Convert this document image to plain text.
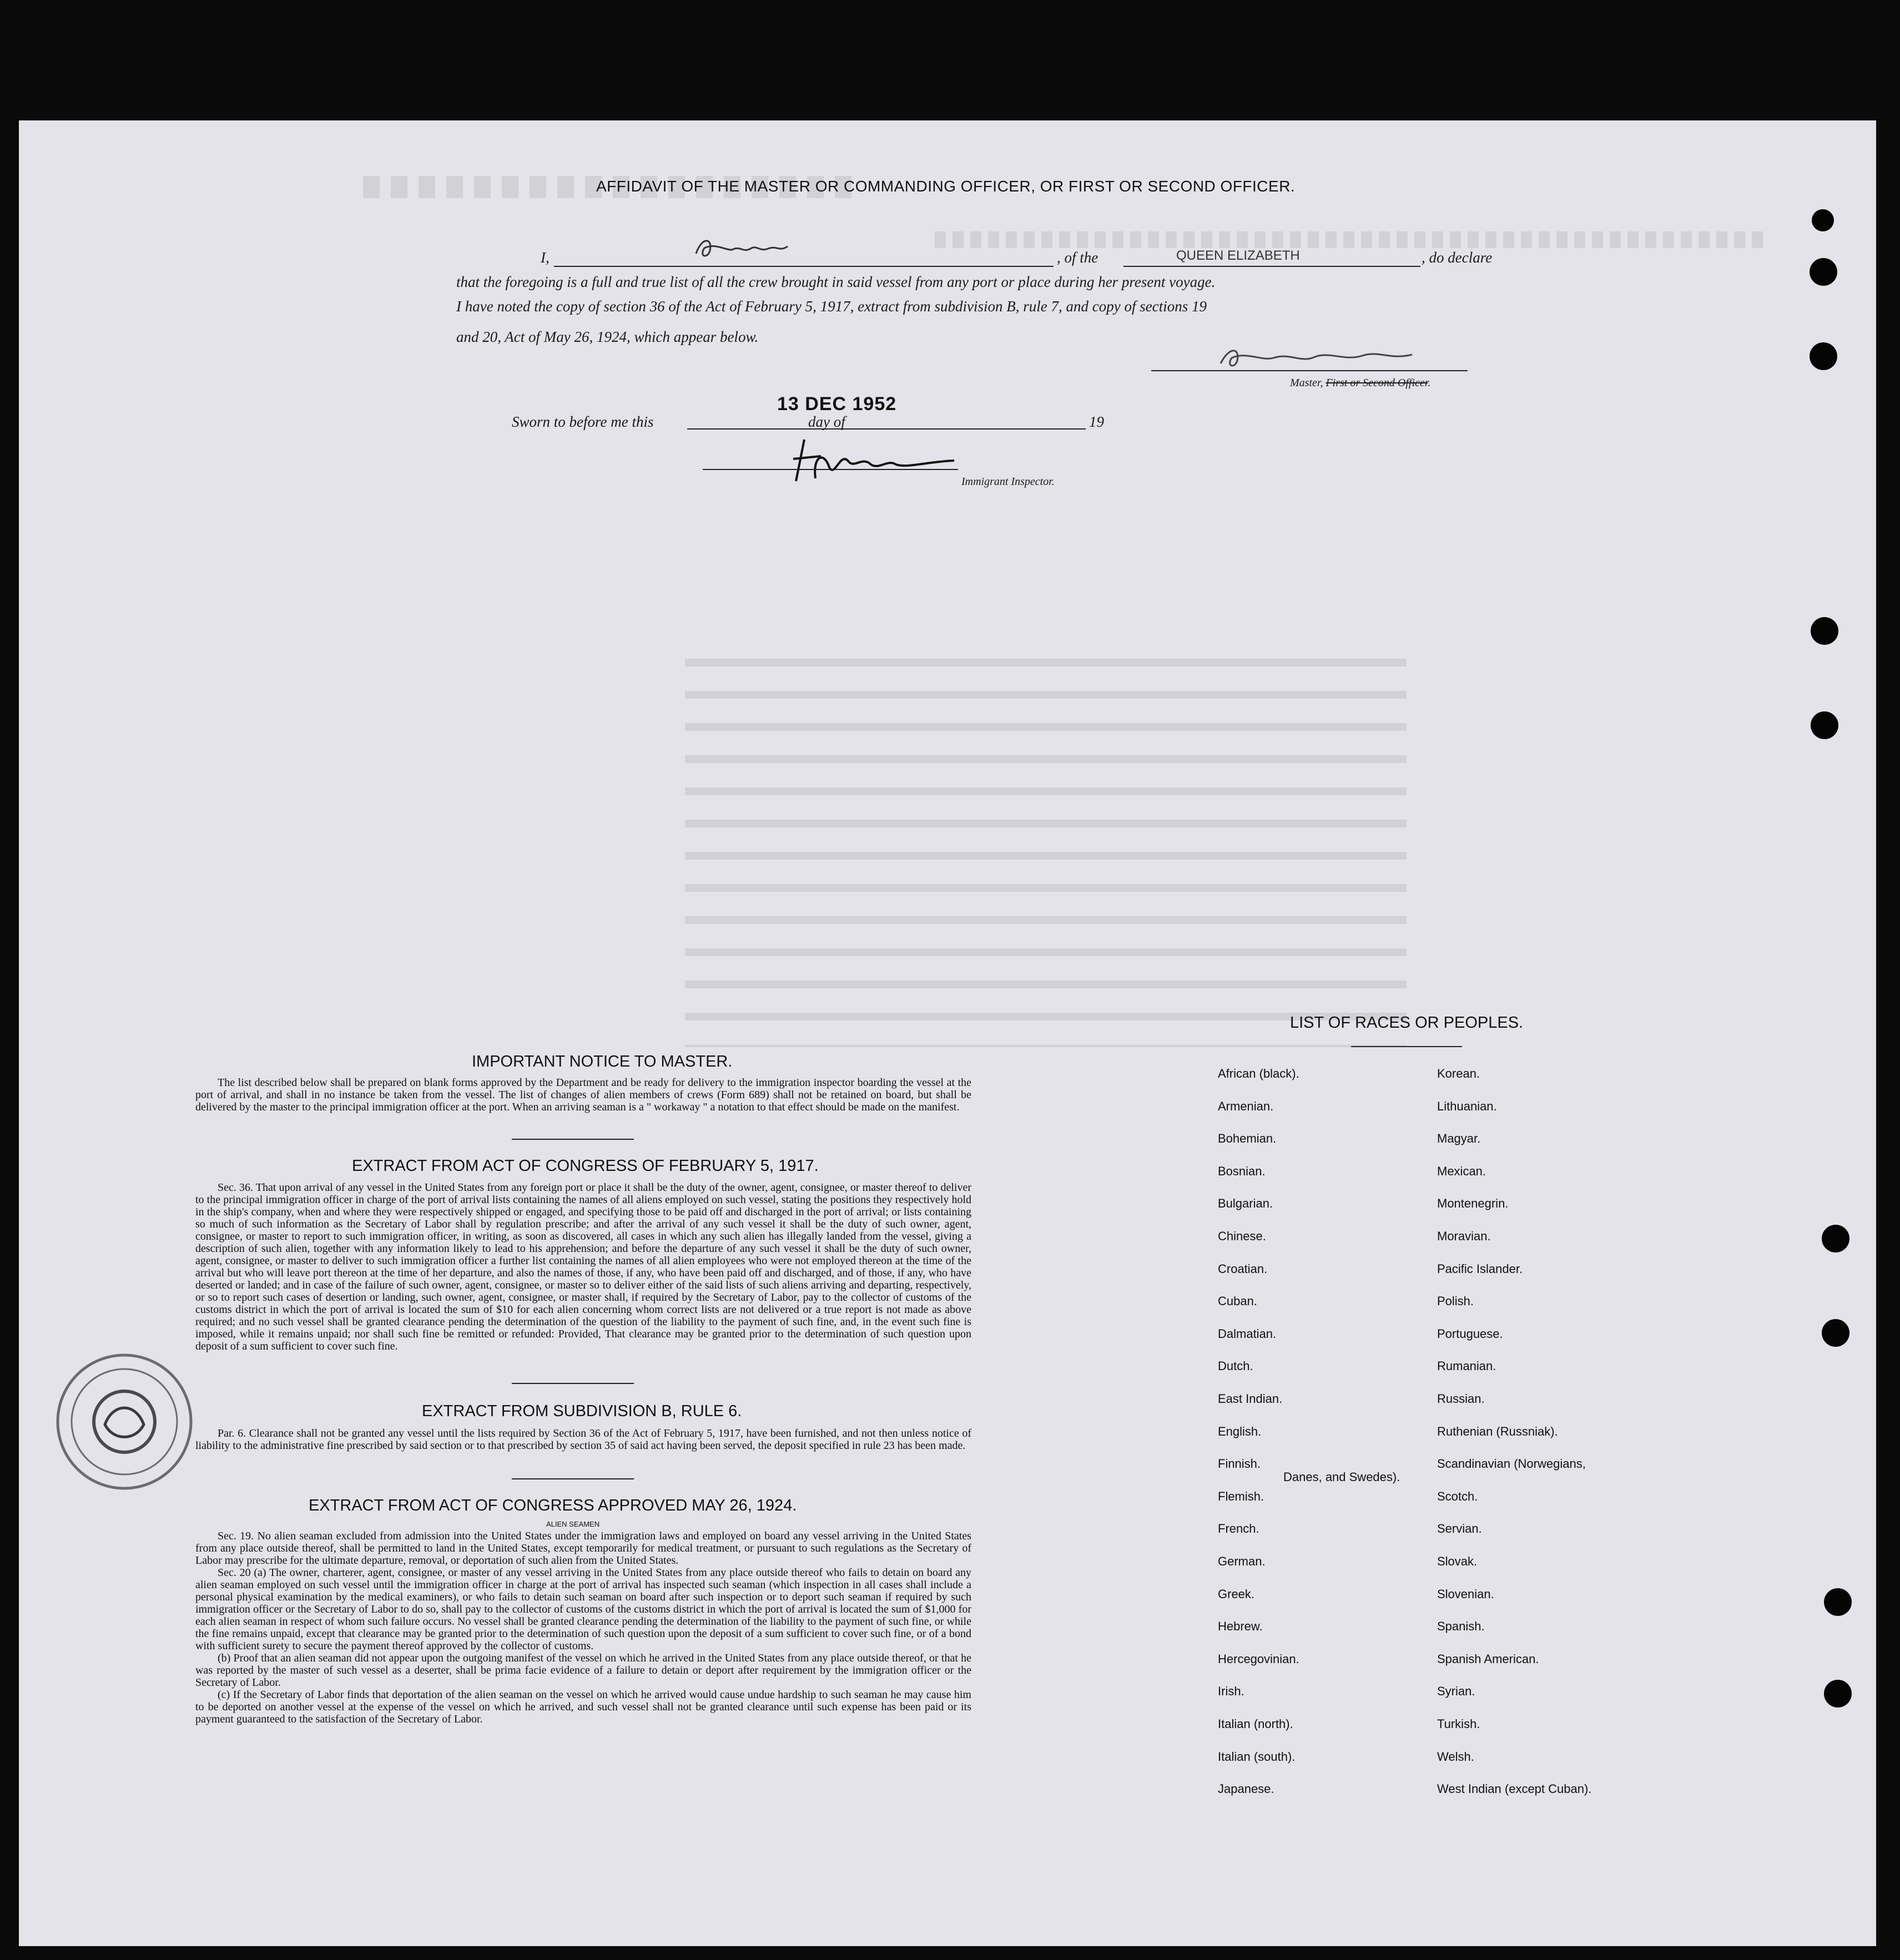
AFFIDAVIT OF THE MASTER OR COMMANDING OFFICER, OR FIRST OR SECOND OFFICER.
I,	, of the	QUEEN ELIZABETH	, do declare
that the foregoing is a full and true list of all the crew brought in said vessel from any port or place during her present voyage.
I have noted the copy of section 36 of the Act of February 5, 1917, extract from subdivision B, rule 7, and copy of sections 19
and 20, Act of May 26, 1924, which appear below.
Master, First or Second Officer.
Sworn to before me this
13 DEC 1952
day of	19
Immigrant Inspector.
IMPORTANT NOTICE TO MASTER.

The list described below shall be prepared on blank forms approved by the Department and be ready for delivery to the immigration inspector boarding the vessel at the port of arrival, and shall in no instance be taken from the vessel. The list of changes of alien members of crews (Form 689) shall not be retained on board, but shall be delivered by the master to the principal immigration officer at the port. When an arriving seaman is a " workaway " a notation to that effect should be made on the manifest.

EXTRACT FROM ACT OF CONGRESS OF FEBRUARY 5, 1917.

Sec. 36. That upon arrival of any vessel in the United States from any foreign port or place it shall be the duty of the owner, agent, consignee, or master thereof to deliver to the principal immigration officer in charge of the port of arrival lists containing the names of all aliens employed on such vessel, stating the positions they respectively hold in the ship's company, when and where they were respectively shipped or engaged, and specifying those to be paid off and discharged in the port of arrival; or lists containing so much of such information as the Secretary of Labor shall by regulation prescribe; and after the arrival of any such vessel it shall be the duty of such owner, agent, consignee, or master to report to such immigration officer, in writing, as soon as discovered, all cases in which any such alien has illegally landed from the vessel, giving a description of such alien, together with any information likely to lead to his apprehension; and before the departure of any such vessel it shall be the duty of such owner, agent, consignee, or master to deliver to such immigration officer a further list containing the names of all alien employees who were not employed thereon at the time of the arrival but who will leave port thereon at the time of her departure, and also the names of those, if any, who have been paid off and discharged, and of those, if any, who have deserted or landed; and in case of the failure of such owner, agent, consignee, or master so to deliver either of the said lists of such aliens arriving and departing, respectively, or so to report such cases of desertion or landing, such owner, agent, consignee, or master shall, if required by the Secretary of Labor, pay to the collector of customs of the customs district in which the port of arrival is located the sum of $10 for each alien concerning whom correct lists are not delivered or a true report is not made as above required; and no such vessel shall be granted clearance pending the determination of the question of the liability to the payment of such fine, and, in the event such fine is imposed, while it remains unpaid; nor shall such fine be remitted or refunded: Provided, That clearance may be granted prior to the determination of such question upon deposit of a sum sufficient to cover such fine.

EXTRACT FROM SUBDIVISION B, RULE 6.

Par. 6. Clearance shall not be granted any vessel until the lists required by Section 36 of the Act of February 5, 1917, have been furnished, and not then unless notice of liability to the administrative fine prescribed by said section or to that prescribed by section 35 of said act having been served, the deposit specified in rule 23 has been made.

EXTRACT FROM ACT OF CONGRESS APPROVED MAY 26, 1924.
ALIEN SEAMEN

Sec. 19. No alien seaman excluded from admission into the United States under the immigration laws and employed on board any vessel arriving in the United States from any place outside thereof, shall be permitted to land in the United States, except temporarily for medical treatment, or pursuant to such regulations as the Secretary of Labor may prescribe for the ultimate departure, removal, or deportation of such alien from the United States.

Sec. 20 (a) The owner, charterer, agent, consignee, or master of any vessel arriving in the United States from any place outside thereof who fails to detain on board any alien seaman employed on such vessel until the immigration officer in charge at the port of arrival has inspected such seaman (which inspection in all cases shall include a personal physical examination by the medical examiners), or who fails to detain such seaman on board after such inspection or to deport such seaman if required by such immigration officer or the Secretary of Labor to do so, shall pay to the collector of customs of the customs district in which the port of arrival is located the sum of $1,000 for each alien seaman in respect of whom such failure occurs. No vessel shall be granted clearance pending the determination of the liability to the payment of such fine, or while the fine remains unpaid, except that clearance may be granted prior to the determination of such question upon the deposit of a sum sufficient to cover such fine, or of a bond with sufficient surety to secure the payment thereof approved by the collector of customs.

(b) Proof that an alien seaman did not appear upon the outgoing manifest of the vessel on which he arrived in the United States from any place outside thereof, or that he was reported by the master of such vessel as a deserter, shall be prima facie evidence of a failure to detain or deport after requirement by the immigration officer or the Secretary of Labor.

(c) If the Secretary of Labor finds that deportation of the alien seaman on the vessel on which he arrived would cause undue hardship to such seaman he may cause him to be deported on another vessel at the expense of the vessel on which he arrived, and such vessel shall not be granted clearance until such expense has been paid or its payment guaranteed to the satisfaction of the Secretary of Labor.

LIST OF RACES OR PEOPLES.
African (black).
Armenian.
Bohemian.
Bosnian.
Bulgarian.
Chinese.
Croatian.
Cuban.
Dalmatian.
Dutch.
East Indian.
English.
Finnish.
Flemish.
French.
German.
Greek.
Hebrew.
Hercegovinian.
Irish.
Italian (north).
Italian (south).
Japanese.
Korean.
Lithuanian.
Magyar.
Mexican.
Montenegrin.
Moravian.
Pacific Islander.
Polish.
Portuguese.
Rumanian.
Russian.
Ruthenian (Russniak).
Scandinavian (Norwegians,
Danes, and Swedes).
Scotch.
Servian.
Slovak.
Slovenian.
Spanish.
Spanish American.
Syrian.
Turkish.
Welsh.
West Indian (except Cuban).
